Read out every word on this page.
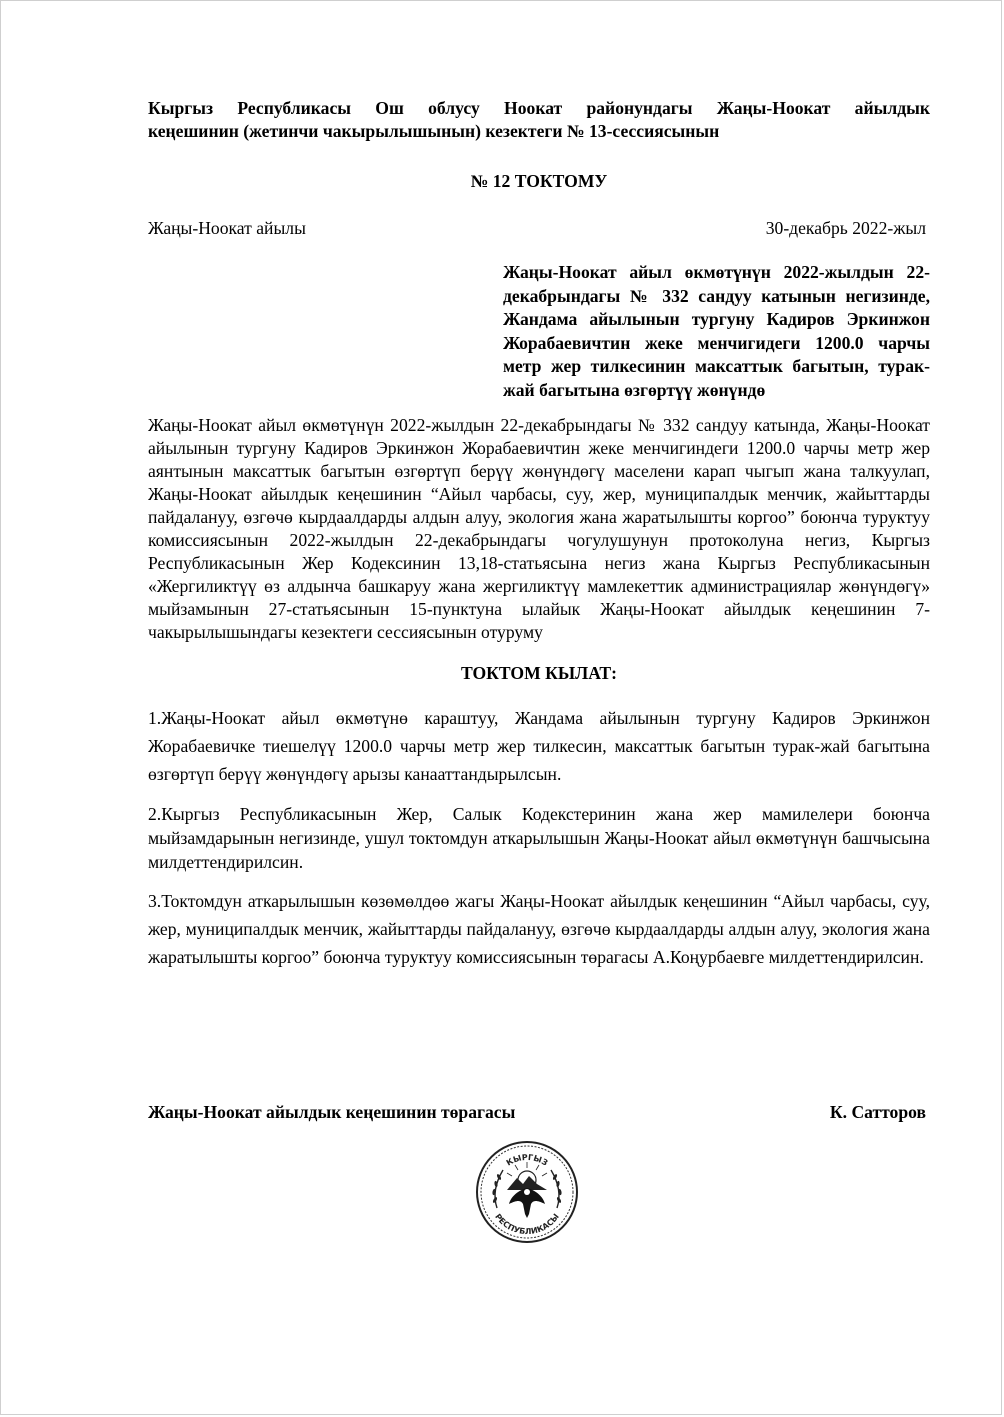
Кыргыз Республикасы Ош облусу Ноокат районундагы Жаңы-Ноокат айылдык
кеңешинин (жетинчи чакырылышынын) кезектеги № 13-сессиясынын
№ 12 ТОКТОМУ
Жаңы-Ноокат айылы	30-декабрь 2022-жыл
Жаңы-Ноокат айыл өкмөтүнүн 2022-жылдын 22-декабрындагы № 332 сандуу катынын негизинде, Жандама айылынын тургуну Кадиров Эркинжон Жорабаевичтин жеке менчигидеги 1200.0 чарчы метр жер тилкесинин максаттык багытын, турак-жай багытына өзгөртүү жөнүндө
Жаңы-Ноокат айыл өкмөтүнүн 2022-жылдын 22-декабрындагы № 332 сандуу катында, Жаңы-Ноокат айылынын тургуну Кадиров Эркинжон Жорабаевичтин жеке менчигиндеги 1200.0 чарчы метр жер аянтынын максаттык багытын өзгөртүп берүү жөнүндөгү маселени карап чыгып жана талкуулап, Жаңы-Ноокат айылдык кеңешинин “Айыл чарбасы, суу, жер, муниципалдык менчик, жайыттарды пайдалануу, өзгөчө кырдаалдарды алдын алуу, экология жана жаратылышты коргоо” боюнча туруктуу комиссиясынын 2022-жылдын 22-декабрындагы чогулушунун протоколуна негиз, Кыргыз Республикасынын Жер Кодексинин 13,18-статьясына негиз жана Кыргыз Республикасынын «Жергиликтүү өз алдынча башкаруу жана жергиликтүү мамлекеттик администрациялар жөнүндөгү» мыйзамынын 27-статьясынын 15-пунктуна ылайык Жаңы-Ноокат айылдык кеңешинин 7-чакырылышындагы кезектеги сессиясынын отуруму
ТОКТОМ КЫЛАТ:
1.Жаңы-Ноокат айыл өкмөтүнө караштуу, Жандама айылынын тургуну Кадиров Эркинжон Жорабаевичке тиешелүү 1200.0 чарчы метр жер тилкесин, максаттык багытын турак-жай багытына өзгөртүп берүү жөнүндөгү арызы канааттандырылсын.
2.Кыргыз Республикасынын Жер, Салык Кодекстеринин жана жер мамилелери боюнча мыйзамдарынын негизинде, ушул токтомдун аткарылышын Жаңы-Ноокат айыл өкмөтүнүн башчысына милдеттендирилсин.
3.Токтомдун аткарылышын көзөмөлдөө жагы Жаңы-Ноокат айылдык кеңешинин “Айыл чарбасы, суу, жер, муниципалдык менчик, жайыттарды пайдалануу, өзгөчө кырдаалдарды алдын алуу, экология жана жаратылышты коргоо” боюнча туруктуу комиссиясынын төрагасы А.Коңурбаевге милдеттендирилсин.
Жаңы-Ноокат айылдык кеңешинин төрагасы	К. Сатторов
КЫРГЫЗ
РЕСПУБЛИКАСЫ
